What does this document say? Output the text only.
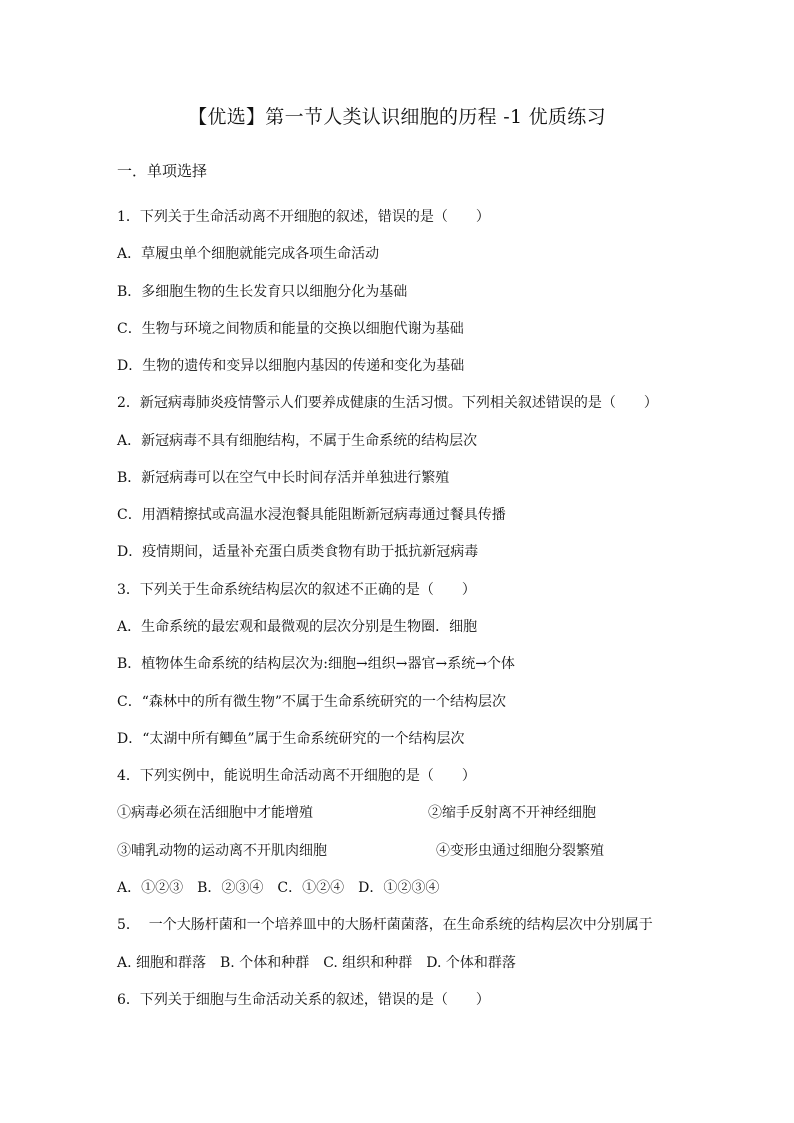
【优选】第一节人类认识细胞的历程 -1 优质练习
一．单项选择
1．下列关于生命活动离不开细胞的叙述，错误的是（　　）
A．草履虫单个细胞就能完成各项生命活动
B．多细胞生物的生长发育只以细胞分化为基础
C．生物与环境之间物质和能量的交换以细胞代谢为基础
D．生物的遗传和变异以细胞内基因的传递和变化为基础
2．新冠病毒肺炎疫情警示人们要养成健康的生活习惯。下列相关叙述错误的是（　　）
A．新冠病毒不具有细胞结构，不属于生命系统的结构层次
B．新冠病毒可以在空气中长时间存活并单独进行繁殖
C．用酒精擦拭或高温水浸泡餐具能阻断新冠病毒通过餐具传播
D．疫情期间，适量补充蛋白质类食物有助于抵抗新冠病毒
3．下列关于生命系统结构层次的叙述不正确的是（　　）
A．生命系统的最宏观和最微观的层次分别是生物圈．细胞
B．植物体生命系统的结构层次为:细胞→组织→器官→系统→个体
C．“森林中的所有微生物”不属于生命系统研究的一个结构层次
D．“太湖中所有鲫鱼”属于生命系统研究的一个结构层次
4．下列实例中，能说明生命活动离不开细胞的是（　　）
①病毒必须在活细胞中才能增殖	②缩手反射离不开神经细胞
③哺乳动物的运动离不开肌肉细胞	④变形虫通过细胞分裂繁殖
A．①②③　B．②③④　C．①②④　D．①②③④
5．  一个大肠杆菌和一个培养皿中的大肠杆菌菌落，在生命系统的结构层次中分别属于
A. 细胞和群落　B. 个体和种群　C. 组织和种群　D. 个体和群落
6．下列关于细胞与生命活动关系的叙述，错误的是（　　）
